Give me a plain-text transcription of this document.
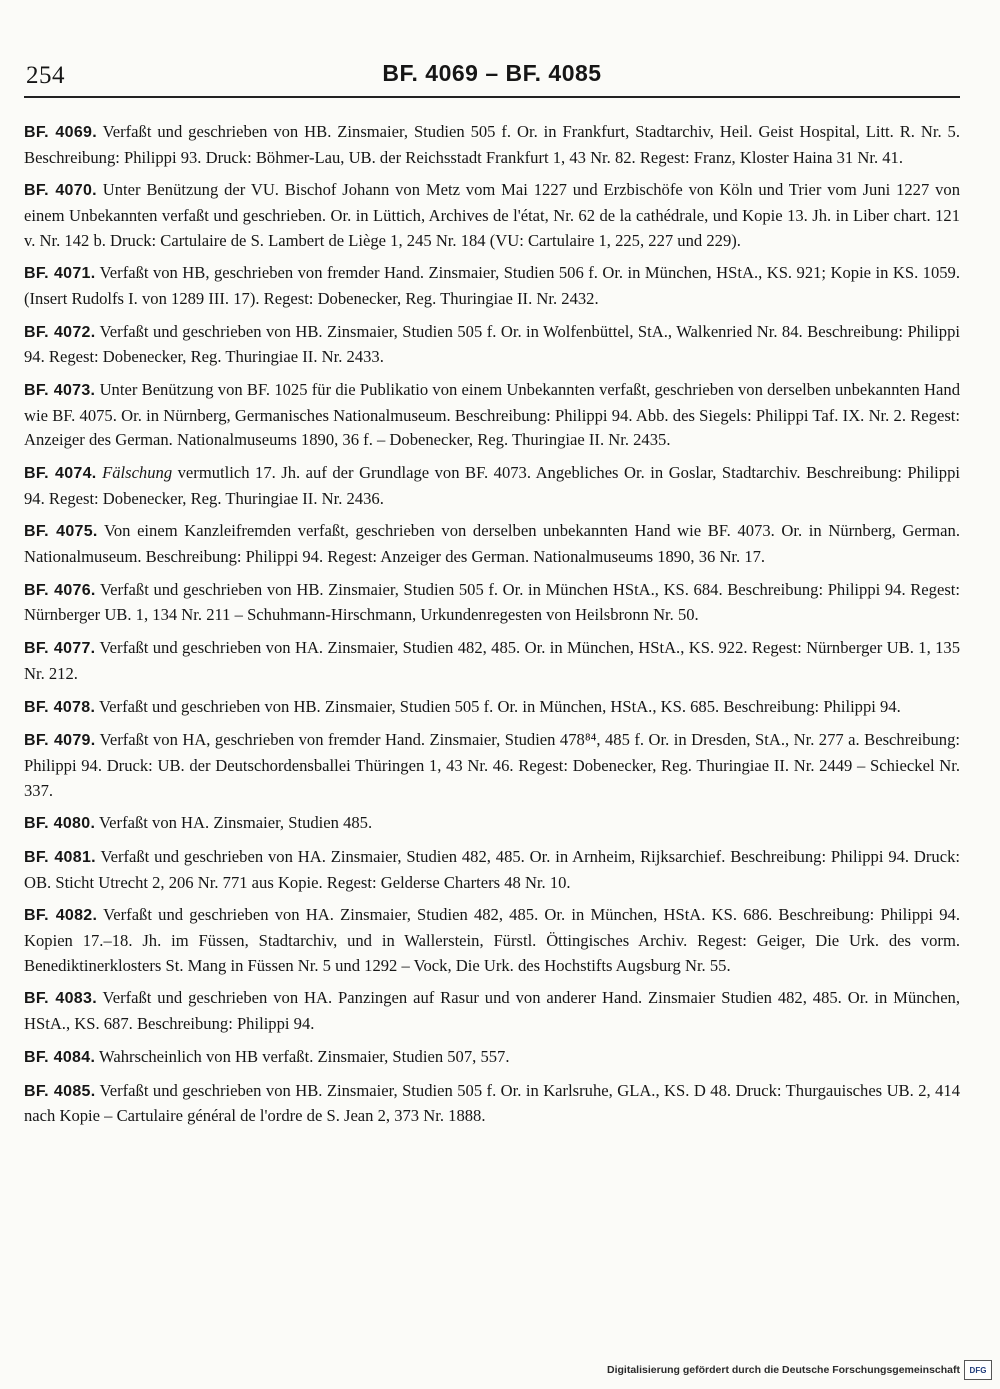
254	BF. 4069 – BF. 4085

BF. 4069. Verfaßt und geschrieben von HB. Zinsmaier, Studien 505 f. Or. in Frankfurt, Stadtarchiv, Heil. Geist Hospital, Litt. R. Nr. 5. Beschreibung: Philippi 93. Druck: Böhmer-Lau, UB. der Reichsstadt Frankfurt 1, 43 Nr. 82. Regest: Franz, Kloster Haina 31 Nr. 41.

BF. 4070. Unter Benützung der VU. Bischof Johann von Metz vom Mai 1227 und Erzbischöfe von Köln und Trier vom Juni 1227 von einem Unbekannten verfaßt und geschrieben. Or. in Lüttich, Archives de l'état, Nr. 62 de la cathédrale, und Kopie 13. Jh. in Liber chart. 121 v. Nr. 142 b. Druck: Cartulaire de S. Lambert de Liège 1, 245 Nr. 184 (VU: Cartulaire 1, 225, 227 und 229).

BF. 4071. Verfaßt von HB, geschrieben von fremder Hand. Zinsmaier, Studien 506 f. Or. in München, HStA., KS. 921; Kopie in KS. 1059. (Insert Rudolfs I. von 1289 III. 17). Regest: Dobenecker, Reg. Thuringiae II. Nr. 2432.

BF. 4072. Verfaßt und geschrieben von HB. Zinsmaier, Studien 505 f. Or. in Wolfenbüttel, StA., Walkenried Nr. 84. Beschreibung: Philippi 94. Regest: Dobenecker, Reg. Thuringiae II. Nr. 2433.

BF. 4073. Unter Benützung von BF. 1025 für die Publikatio von einem Unbekannten verfaßt, geschrieben von derselben unbekannten Hand wie BF. 4075. Or. in Nürnberg, Germanisches Nationalmuseum. Beschreibung: Philippi 94. Abb. des Siegels: Philippi Taf. IX. Nr. 2. Regest: Anzeiger des German. Nationalmuseums 1890, 36 f. – Dobenecker, Reg. Thuringiae II. Nr. 2435.

BF. 4074. Fälschung vermutlich 17. Jh. auf der Grundlage von BF. 4073. Angebliches Or. in Goslar, Stadtarchiv. Beschreibung: Philippi 94. Regest: Dobenecker, Reg. Thuringiae II. Nr. 2436.

BF. 4075. Von einem Kanzleifremden verfaßt, geschrieben von derselben unbekannten Hand wie BF. 4073. Or. in Nürnberg, German. Nationalmuseum. Beschreibung: Philippi 94. Regest: Anzeiger des German. Nationalmuseums 1890, 36 Nr. 17.

BF. 4076. Verfaßt und geschrieben von HB. Zinsmaier, Studien 505 f. Or. in München HStA., KS. 684. Beschreibung: Philippi 94. Regest: Nürnberger UB. 1, 134 Nr. 211 – Schuhmann-Hirschmann, Urkundenregesten von Heilsbronn Nr. 50.

BF. 4077. Verfaßt und geschrieben von HA. Zinsmaier, Studien 482, 485. Or. in München, HStA., KS. 922. Regest: Nürnberger UB. 1, 135 Nr. 212.

BF. 4078. Verfaßt und geschrieben von HB. Zinsmaier, Studien 505 f. Or. in München, HStA., KS. 685. Beschreibung: Philippi 94.

BF. 4079. Verfaßt von HA, geschrieben von fremder Hand. Zinsmaier, Studien 478⁸⁴, 485 f. Or. in Dresden, StA., Nr. 277 a. Beschreibung: Philippi 94. Druck: UB. der Deutschordensballei Thüringen 1, 43 Nr. 46. Regest: Dobenecker, Reg. Thuringiae II. Nr. 2449 – Schieckel Nr. 337.

BF. 4080. Verfaßt von HA. Zinsmaier, Studien 485.

BF. 4081. Verfaßt und geschrieben von HA. Zinsmaier, Studien 482, 485. Or. in Arnheim, Rijksarchief. Beschreibung: Philippi 94. Druck: OB. Sticht Utrecht 2, 206 Nr. 771 aus Kopie. Regest: Gelderse Charters 48 Nr. 10.

BF. 4082. Verfaßt und geschrieben von HA. Zinsmaier, Studien 482, 485. Or. in München, HStA. KS. 686. Beschreibung: Philippi 94. Kopien 17.–18. Jh. im Füssen, Stadtarchiv, und in Wallerstein, Fürstl. Öttingisches Archiv. Regest: Geiger, Die Urk. des vorm. Benediktinerklosters St. Mang in Füssen Nr. 5 und 1292 – Vock, Die Urk. des Hochstifts Augsburg Nr. 55.

BF. 4083. Verfaßt und geschrieben von HA. Panzingen auf Rasur und von anderer Hand. Zinsmaier Studien 482, 485. Or. in München, HStA., KS. 687. Beschreibung: Philippi 94.

BF. 4084. Wahrscheinlich von HB verfaßt. Zinsmaier, Studien 507, 557.

BF. 4085. Verfaßt und geschrieben von HB. Zinsmaier, Studien 505 f. Or. in Karlsruhe, GLA., KS. D 48. Druck: Thurgauisches UB. 2, 414 nach Kopie – Cartulaire général de l'ordre de S. Jean 2, 373 Nr. 1888.

Digitalisierung gefördert durch die Deutsche Forschungsgemeinschaft	DFG
